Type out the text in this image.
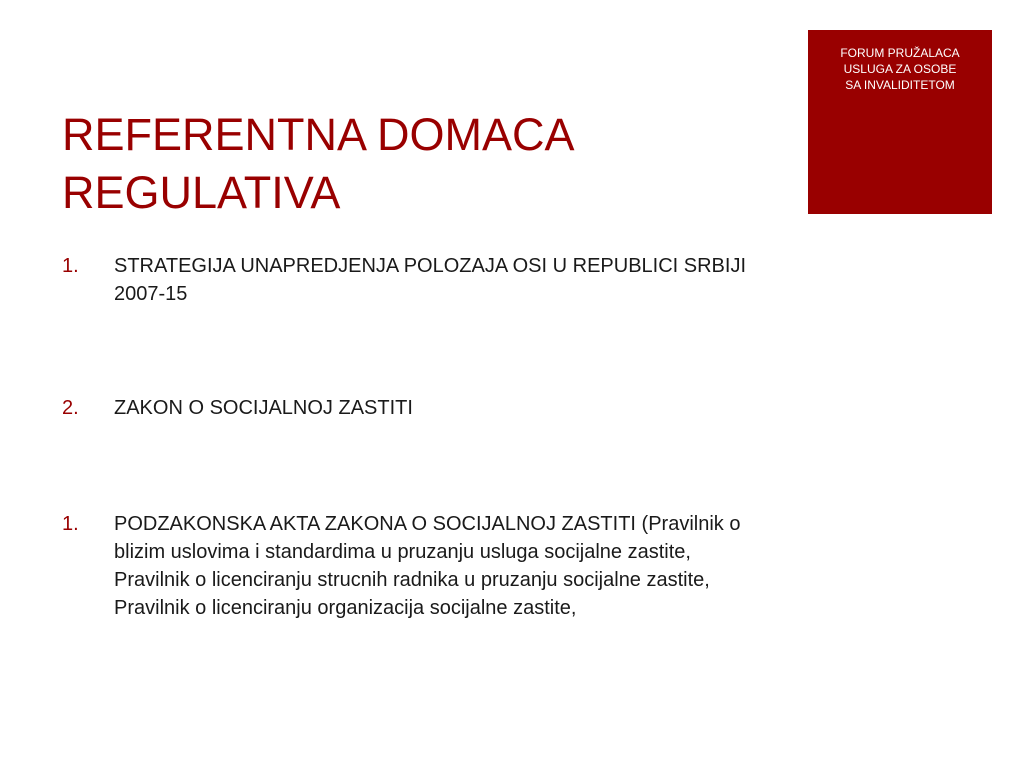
FORUM PRUŽALACA
USLUGA ZA OSOBE
SA INVALIDITETOM
REFERENTNA DOMACA
REGULATIVA
1. STRATEGIJA UNAPREDJENJA POLOZAJA OSI U REPUBLICI SRBIJI 2007-15
2. ZAKON O SOCIJALNOJ ZASTITI
1. PODZAKONSKA AKTA ZAKONA O SOCIJALNOJ ZASTITI (Pravilnik o blizim uslovima i standardima u pruzanju usluga socijalne zastite, Pravilnik o licenciranju strucnih radnika u pruzanju socijalne zastite, Pravilnik o licenciranju organizacija socijalne zastite,
